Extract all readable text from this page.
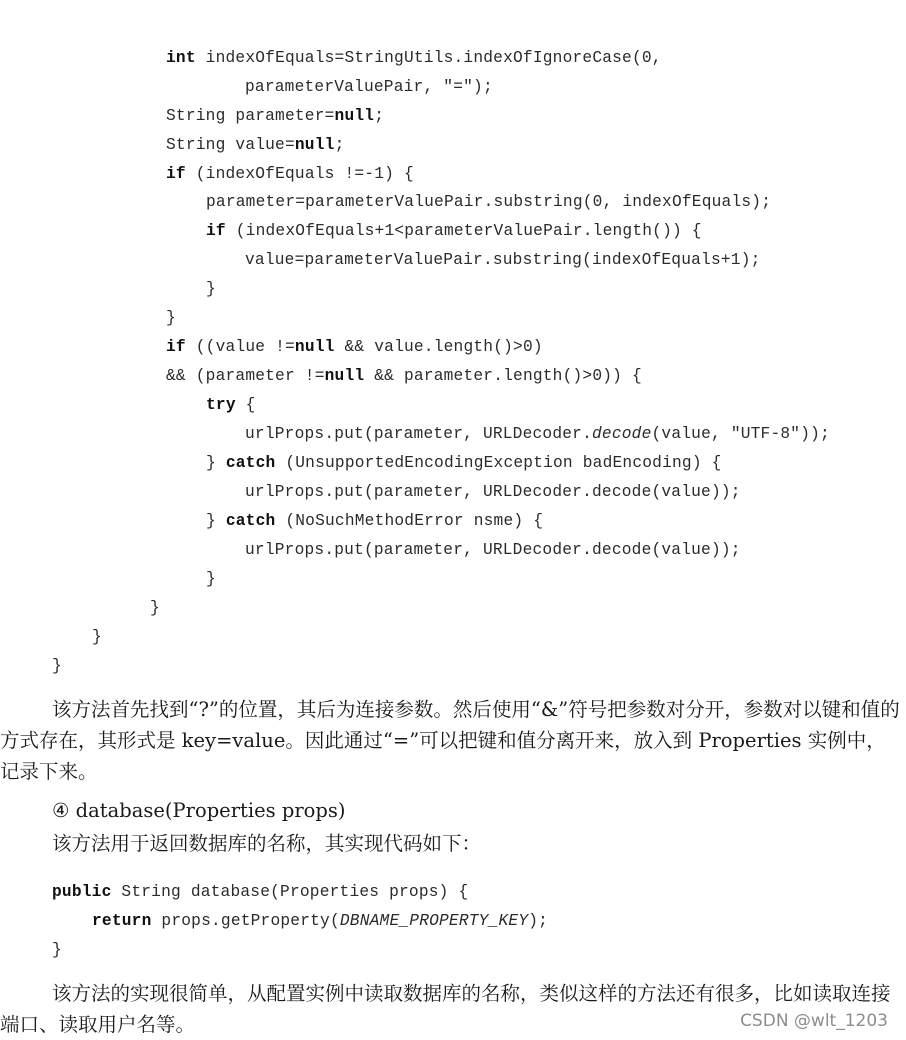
int indexOfEquals=StringUtils.indexOfIgnoreCase(0,
parameterValuePair, "=");
String parameter=null;
String value=null;
if (indexOfEquals !=-1) {
parameter=parameterValuePair.substring(0, indexOfEquals);
if (indexOfEquals+1<parameterValuePair.length()) {
value=parameterValuePair.substring(indexOfEquals+1);
}
}
if ((value !=null && value.length()>0)
&& (parameter !=null && parameter.length()>0)) {
try {
urlProps.put(parameter, URLDecoder.decode(value, "UTF-8"));
} catch (UnsupportedEncodingException badEncoding) {
urlProps.put(parameter, URLDecoder.decode(value));
} catch (NoSuchMethodError nsme) {
urlProps.put(parameter, URLDecoder.decode(value));
}
}
}
}
该方法首先找到“?”的位置，其后为连接参数。然后使用“&”符号把参数对分开，参数对以键和值的方式存在，其形式是 key=value。因此通过“=”可以把键和值分离开来，放入到 Properties 实例中，记录下来。
④ database(Properties props)
该方法用于返回数据库的名称，其实现代码如下：
public String database(Properties props) {
return props.getProperty(DBNAME_PROPERTY_KEY);
}
该方法的实现很简单，从配置实例中读取数据库的名称，类似这样的方法还有很多，比如读取连接端口、读取用户名等。	CSDN @wlt_1203
